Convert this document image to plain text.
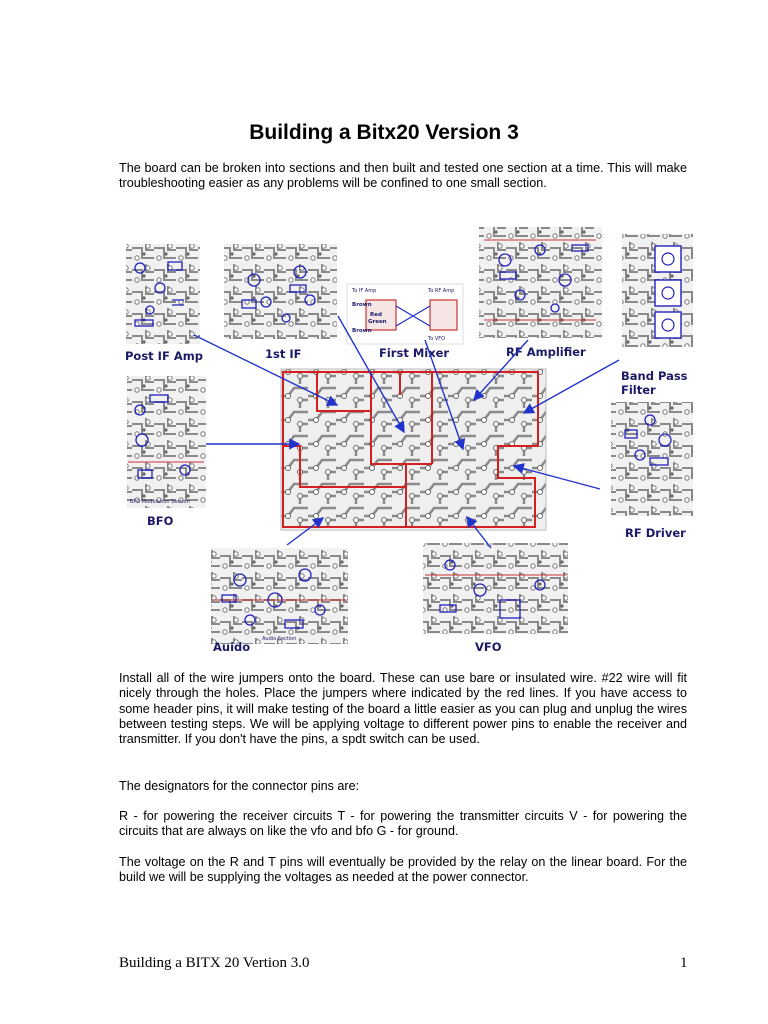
Building a Bitx20 Version 3

The board can be broken into sections and then built and tested one section at a time. This will make troubleshooting easier as any problems will be confined to one small section.

To IF Amp	To RF Amp
To VFO
Brown
Red
Green
Brown
BFO Modulation Section
Audio Section
Post IF Amp	1st IF	First Mixer	RF Amplifier
Band Pass
Filter
BFO
RF Driver
Auido	VFO

Install all of the wire jumpers onto the board. These can use bare or insulated wire. #22 wire will fit nicely through the holes. Place the jumpers where indicated by the red lines. If you have access to some header pins, it will make testing of the board a little easier as you can plug and unplug the wires between testing steps. We will be applying voltage to different power pins to enable the receiver and transmitter. If you don't have the pins, a spdt switch can be used.

The designators for the connector pins are:

R - for powering the receiver circuits T - for powering the transmitter circuits V - for powering the circuits that are always on like the vfo and bfo G - for ground.

The voltage on the R and T pins will eventually be provided by the relay on the linear board. For the build we will be supplying the voltages as needed at the power connector.

Building a BITX 20 Vertion 3.0	1
